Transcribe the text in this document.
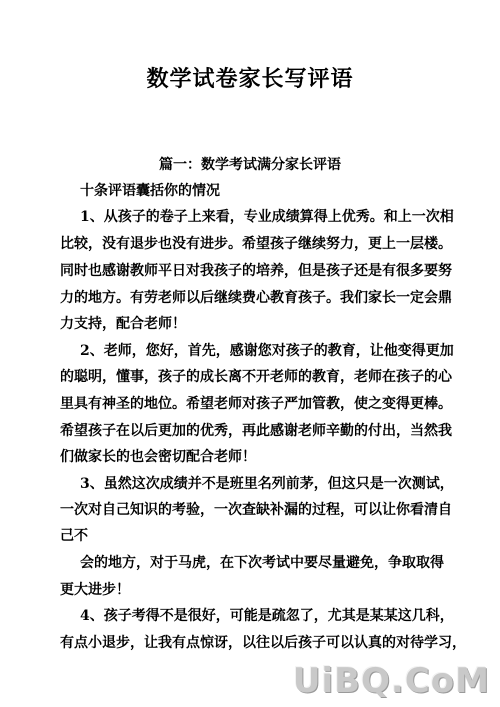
数学试卷家长写评语
篇一：数学考试满分家长评语
十条评语囊括你的情况
1、从孩子的卷子上来看，专业成绩算得上优秀。和上一次相
比较，没有退步也没有进步。希望孩子继续努力，更上一层楼。
同时也感谢教师平日对我孩子的培养，但是孩子还是有很多要努
力的地方。有劳老师以后继续费心教育孩子。我们家长一定会鼎
力支持，配合老师！
2、老师，您好，首先，感谢您对孩子的教育，让他变得更加
的聪明，懂事，孩子的成长离不开老师的教育，老师在孩子的心
里具有神圣的地位。希望老师对孩子严加管教，使之变得更棒。
希望孩子在以后更加的优秀，再此感谢老师辛勤的付出，当然我
们做家长的也会密切配合老师！
3、虽然这次成绩并不是班里名列前茅，但这只是一次测试，
一次对自己知识的考验，一次查缺补漏的过程，可以让你看清自
己不
会的地方，对于马虎，在下次考试中要尽量避免，争取取得
更大进步！
4、孩子考得不是很好，可能是疏忽了，尤其是某某这几科，
有点小退步，让我有点惊讶，以往以后孩子可以认真的对待学习，
UiBQ.CoM
